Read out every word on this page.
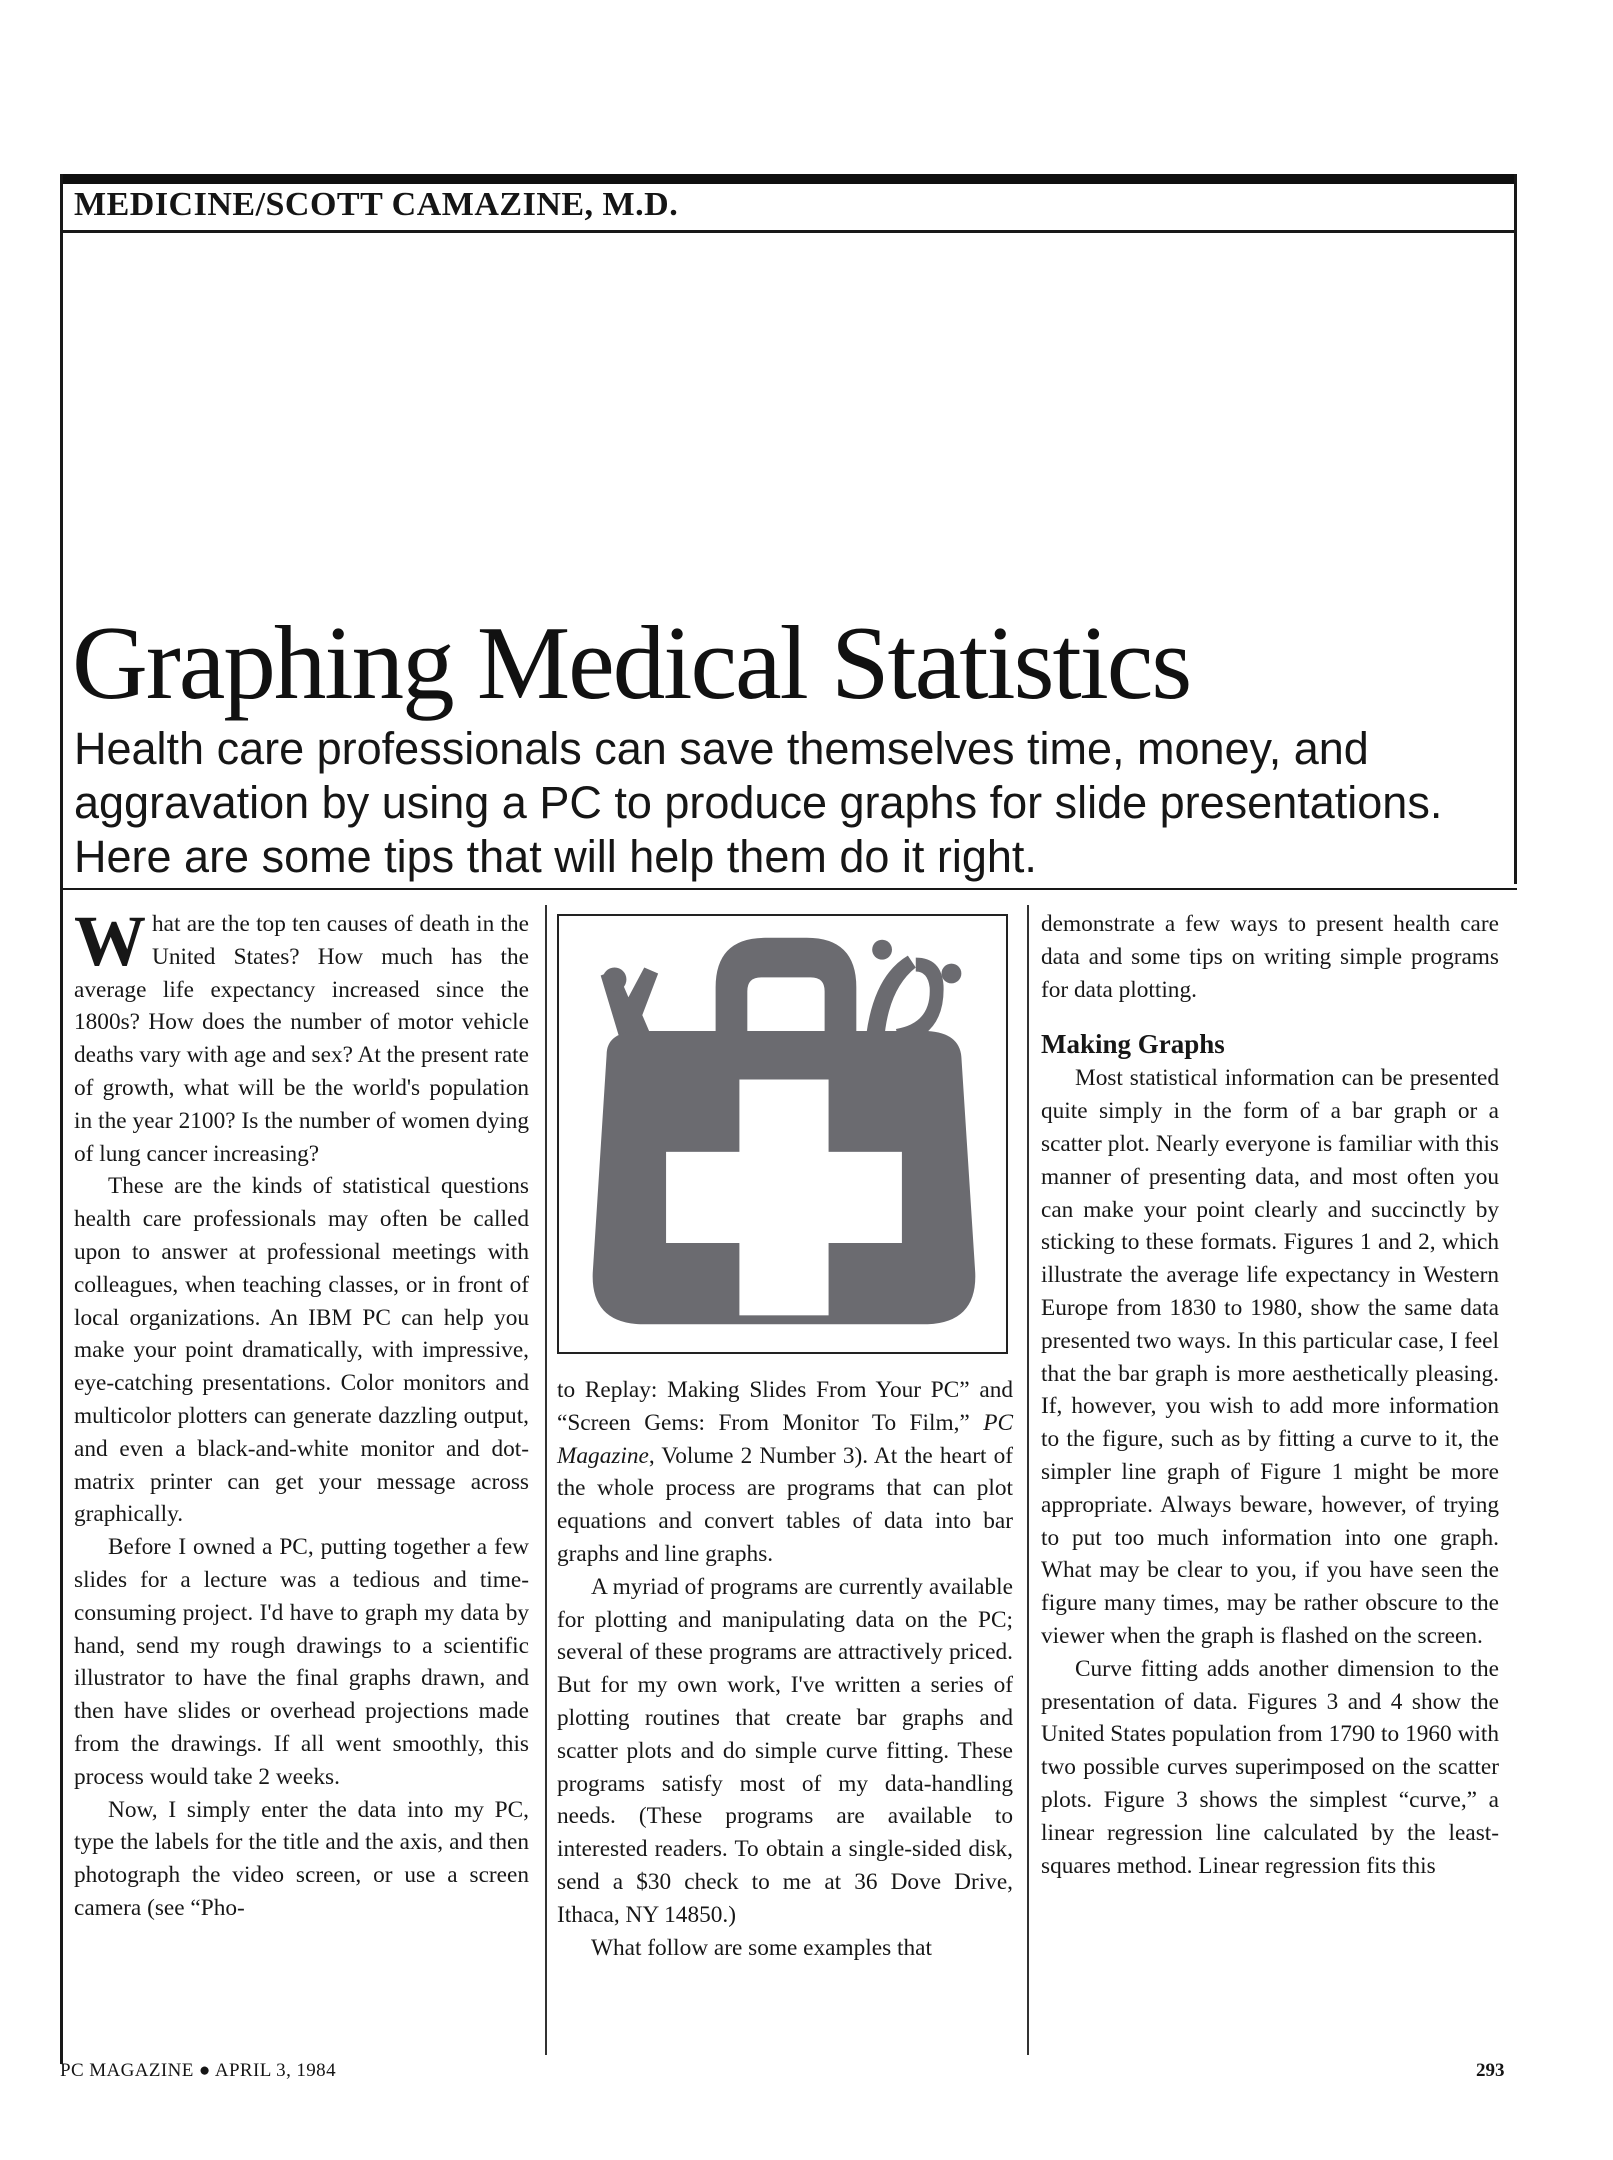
MEDICINE/SCOTT CAMAZINE, M.D.

Graphing Medical Statistics

Health care professionals can save themselves time, money, and aggravation by using a PC to produce graphs for slide presentations. Here are some tips that will help them do it right.

What are the top ten causes of death in the United States? How much has the average life expectancy increased since the 1800s? How does the number of motor vehicle deaths vary with age and sex? At the present rate of growth, what will be the world's population in the year 2100? Is the number of women dying of lung cancer increasing?

These are the kinds of statistical questions health care professionals may often be called upon to answer at professional meetings with colleagues, when teaching classes, or in front of local organizations. An IBM PC can help you make your point dramatically, with impressive, eye-catching presentations. Color monitors and multicolor plotters can generate dazzling output, and even a black-and-white monitor and dot-matrix printer can get your message across graphically.

Before I owned a PC, putting together a few slides for a lecture was a tedious and time-consuming project. I'd have to graph my data by hand, send my rough drawings to a scientific illustrator to have the final graphs drawn, and then have slides or overhead projections made from the drawings. If all went smoothly, this process would take 2 weeks.

Now, I simply enter the data into my PC, type the labels for the title and the axis, and then photograph the video screen, or use a screen camera (see “Pho-

to Replay: Making Slides From Your PC” and “Screen Gems: From Monitor To Film,” PC Magazine, Volume 2 Number 3). At the heart of the whole process are programs that can plot equations and convert tables of data into bar graphs and line graphs.

A myriad of programs are currently available for plotting and manipulating data on the PC; several of these programs are attractively priced. But for my own work, I've written a series of plotting routines that create bar graphs and scatter plots and do simple curve fitting. These programs satisfy most of my data-handling needs. (These programs are available to interested readers. To obtain a single-sided disk, send a $30 check to me at 36 Dove Drive, Ithaca, NY 14850.)

What follow are some examples that

demonstrate a few ways to present health care data and some tips on writing simple programs for data plotting.

Making Graphs

Most statistical information can be presented quite simply in the form of a bar graph or a scatter plot. Nearly everyone is familiar with this manner of presenting data, and most often you can make your point clearly and succinctly by sticking to these formats. Figures 1 and 2, which illustrate the average life expectancy in Western Europe from 1830 to 1980, show the same data presented two ways. In this particular case, I feel that the bar graph is more aesthetically pleasing. If, however, you wish to add more information to the figure, such as by fitting a curve to it, the simpler line graph of Figure 1 might be more appropriate. Always beware, however, of trying to put too much information into one graph. What may be clear to you, if you have seen the figure many times, may be rather obscure to the viewer when the graph is flashed on the screen.

Curve fitting adds another dimension to the presentation of data. Figures 3 and 4 show the United States population from 1790 to 1960 with two possible curves superimposed on the scatter plots. Figure 3 shows the simplest “curve,” a linear regression line calculated by the least-squares method. Linear regression fits this

PC MAGAZINE ● APRIL 3, 1984	293
